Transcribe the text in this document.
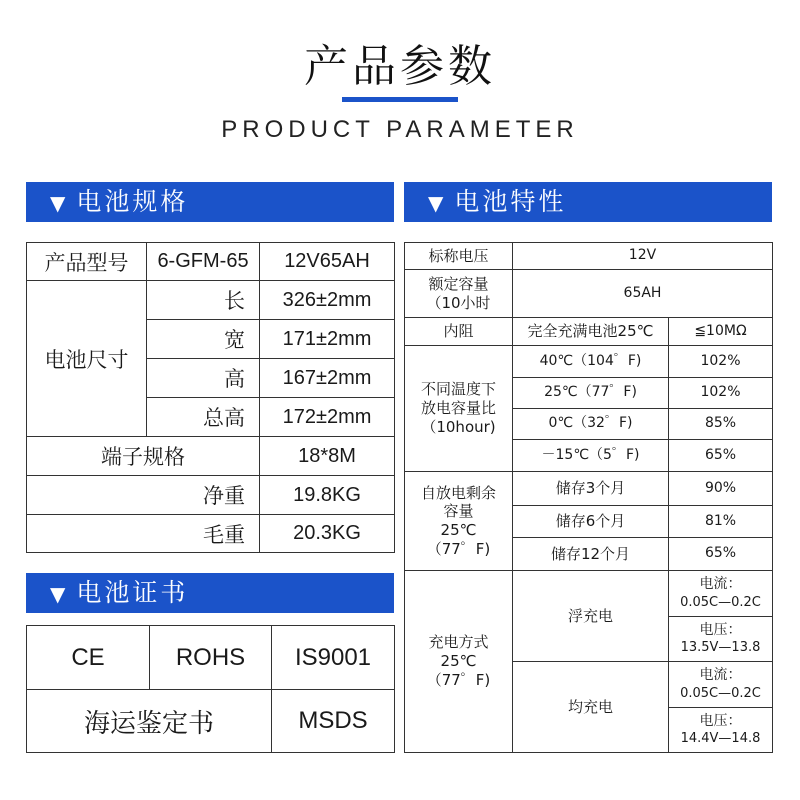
产品参数
PRODUCT PARAMETER
▼ 电池规格	▼ 电池特性
▼ 电池证书
产品型号	6-GFM-65	12V65AH
电池尺寸	长	326±2mm
	宽	171±2mm
	高	167±2mm
	总高	172±2mm
端子规格		18*8M
净重		19.8KG
毛重		20.3KG
CE	ROHS	IS9001
海运鉴定书		MSDS
标称电压	12V	
额定容量
（10小时	65AH	
内阻	完全充满电池25℃	≦10MΩ
不同温度下
放电容量比
（10hour)	40℃（104゜F)	102%
	25℃（77゜F)	102%
	0℃（32゜F)	85%
	－15℃（5゜F)	65%
自放电剩余
容量
25℃
（77゜F)	储存3个月	90%
	储存6个月	81%
	储存12个月	65%
充电方式
25℃
（77゜F)	浮充电	电流：
0.05C—0.2C
		电压：
13.5V—13.8
	均充电	电流：
0.05C—0.2C
		电压：
14.4V—14.8
